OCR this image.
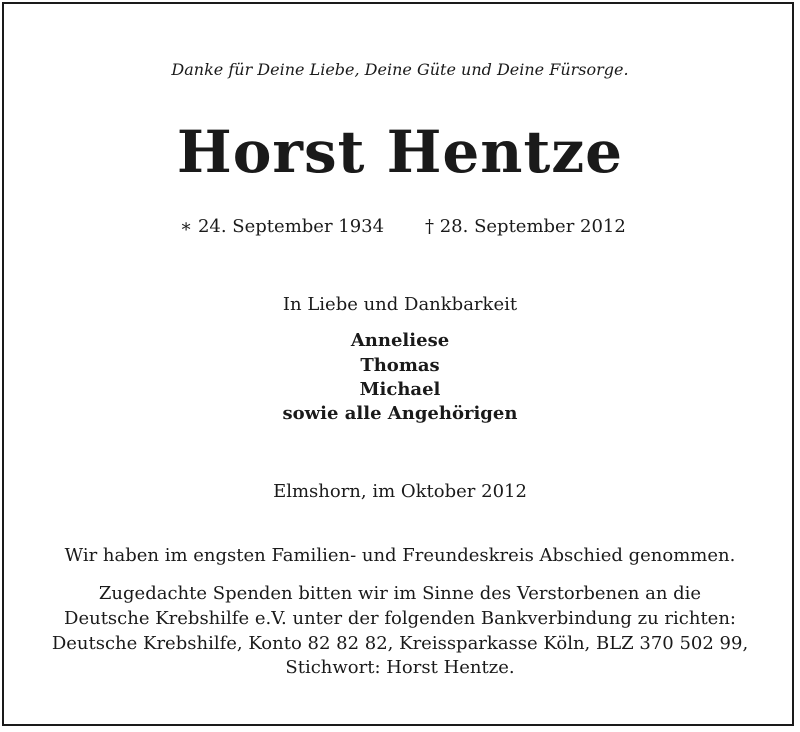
Danke für Deine Liebe, Deine Güte und Deine Fürsorge.
Horst Hentze
∗ 24. September 1934 † 28. September 2012
In Liebe und Dankbarkeit
Anneliese
Thomas
Michael
sowie alle Angehörigen
Elmshorn, im Oktober 2012
Wir haben im engsten Familien- und Freundeskreis Abschied genommen.
Zugedachte Spenden bitten wir im Sinne des Verstorbenen an die
Deutsche Krebshilfe e.V. unter der folgenden Bankverbindung zu richten:
Deutsche Krebshilfe, Konto 82 82 82, Kreissparkasse Köln, BLZ 370 502 99,
Stichwort: Horst Hentze.
